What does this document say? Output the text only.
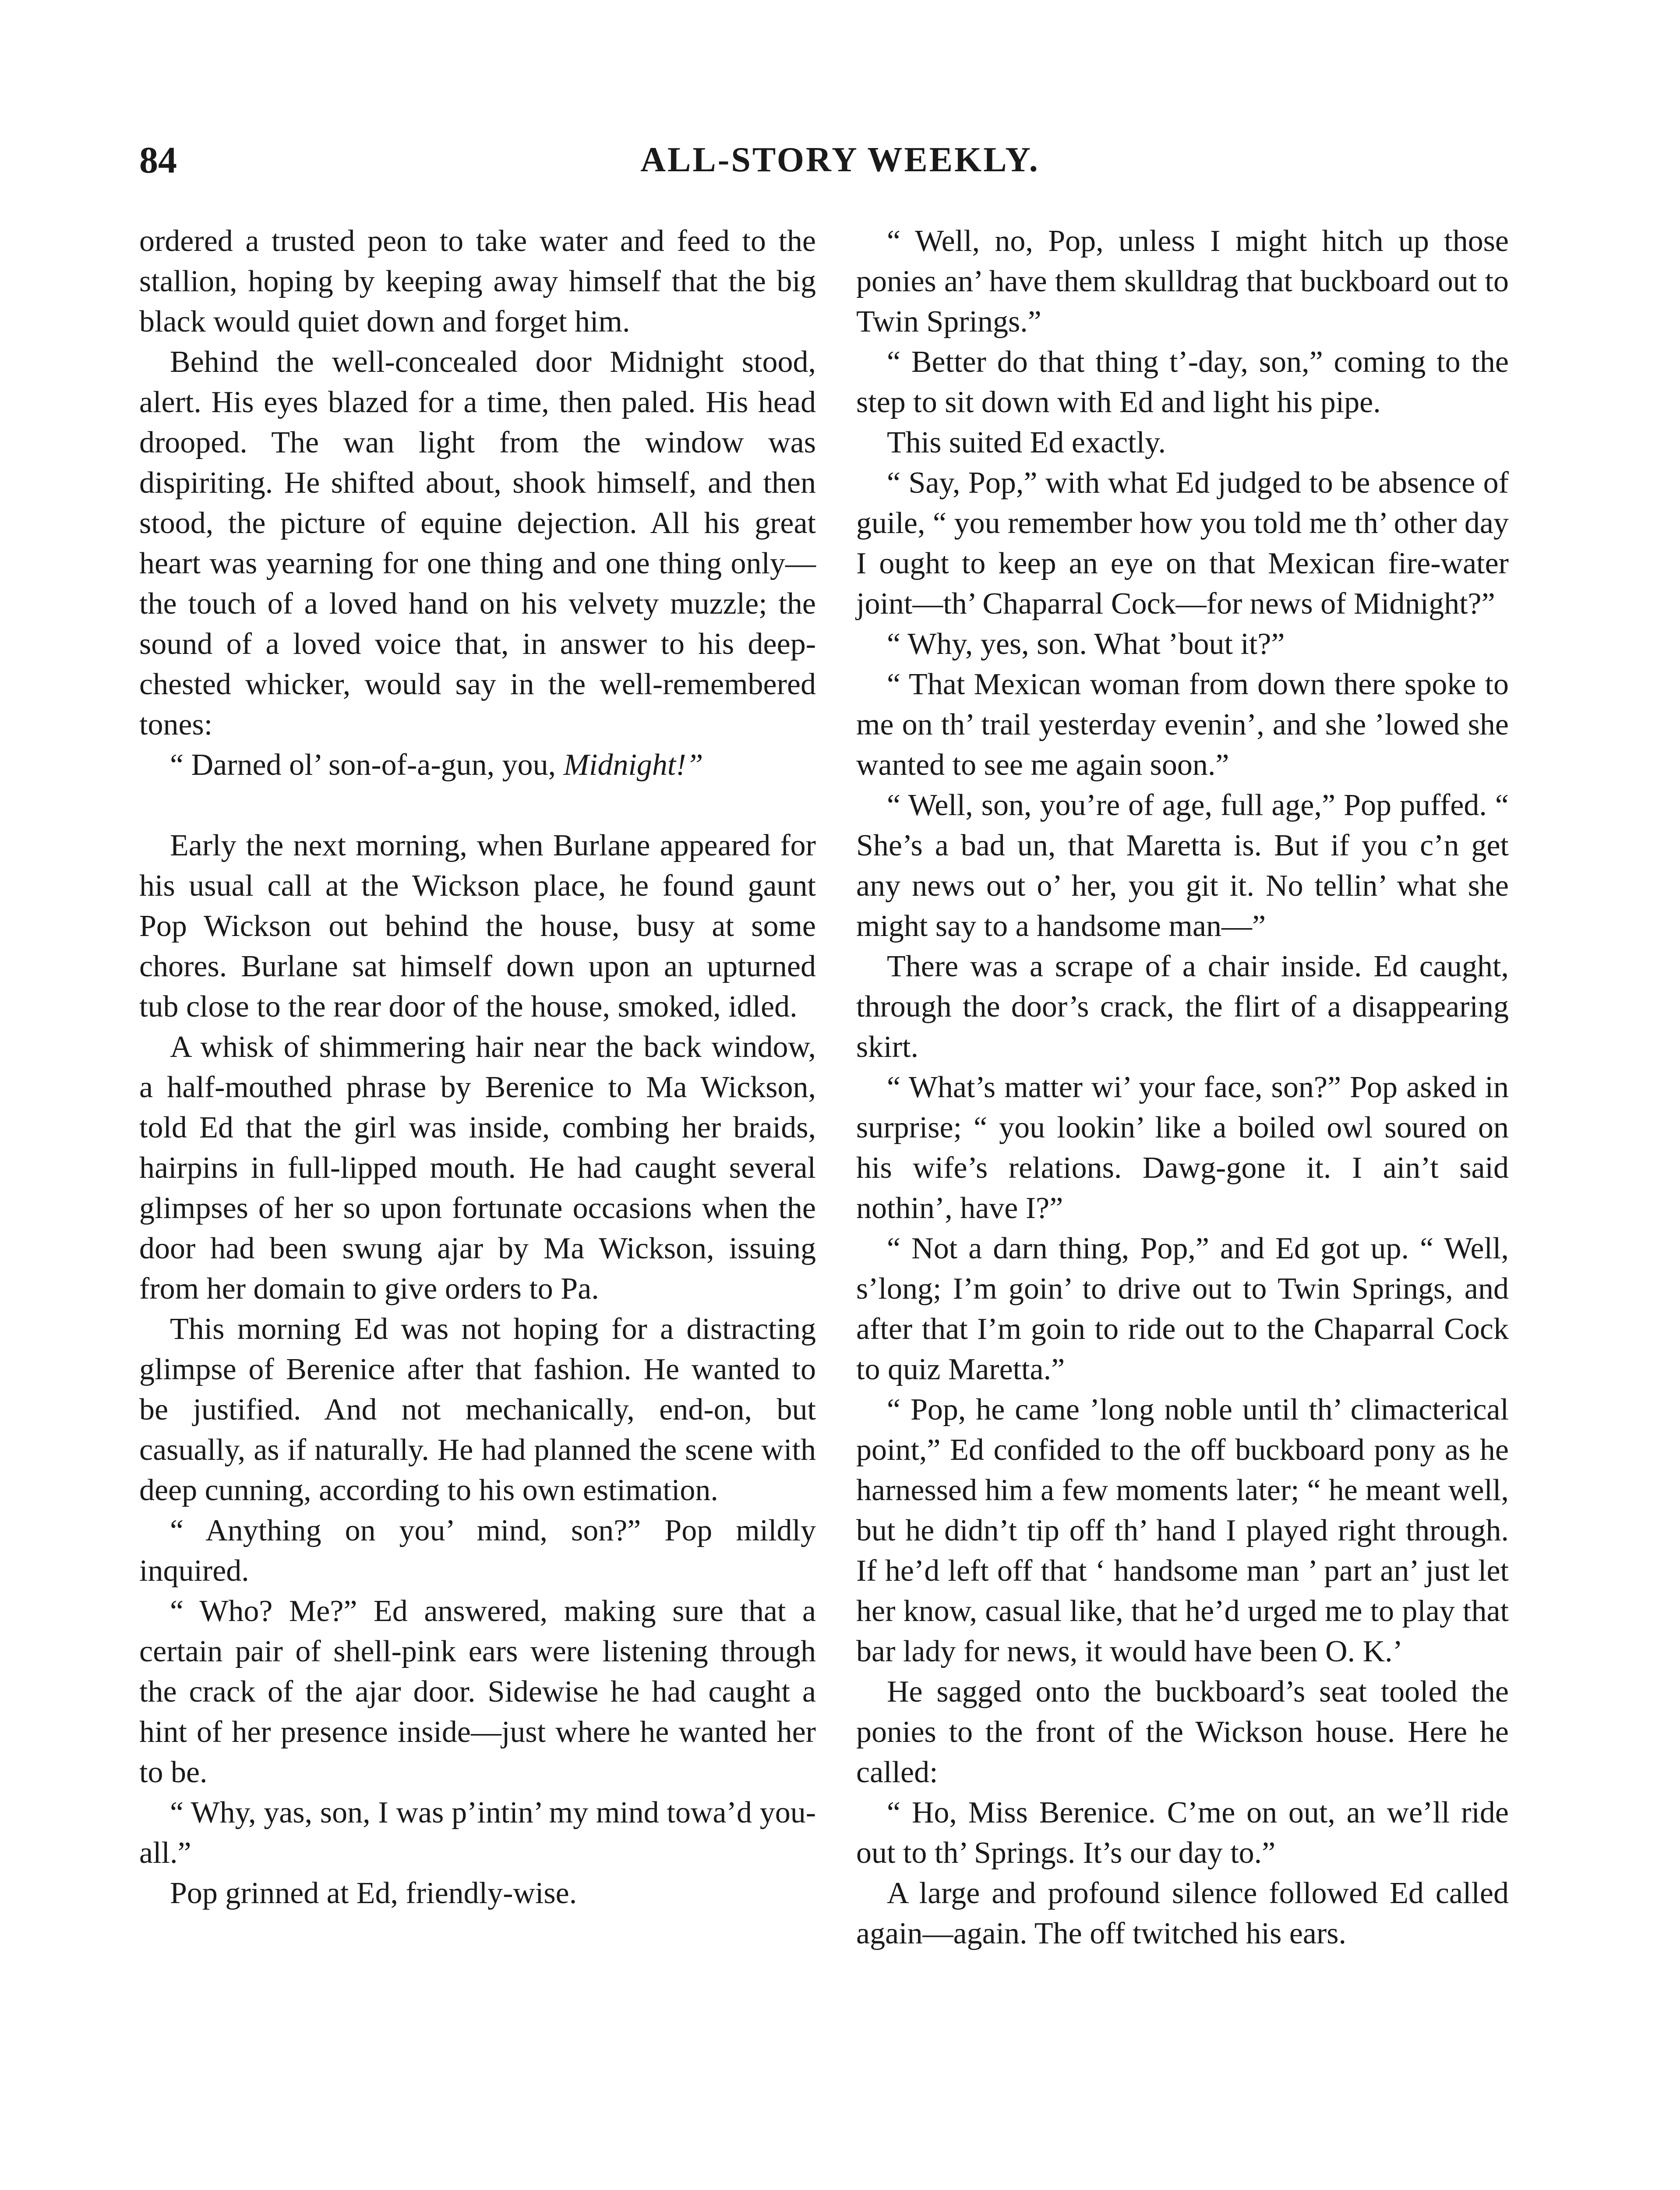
84	ALL-STORY WEEKLY.

ordered a trusted peon to take water and feed to the stallion, hoping by keeping away himself that the big black would quiet down and forget him.

Behind the well-concealed door Midnight stood, alert. His eyes blazed for a time, then paled. His head drooped. The wan light from the window was dispiriting. He shifted about, shook himself, and then stood, the picture of equine dejection. All his great heart was yearning for one thing and one thing only—the touch of a loved hand on his velvety muzzle; the sound of a loved voice that, in answer to his deep-chested whicker, would say in the well-remembered tones:

“ Darned ol’ son-of-a-gun, you, Midnight!”

Early the next morning, when Burlane appeared for his usual call at the Wickson place, he found gaunt Pop Wickson out behind the house, busy at some chores. Burlane sat himself down upon an upturned tub close to the rear door of the house, smoked, idled.

A whisk of shimmering hair near the back window, a half-mouthed phrase by Berenice to Ma Wickson, told Ed that the girl was inside, combing her braids, hairpins in full-lipped mouth. He had caught several glimpses of her so upon fortunate occasions when the door had been swung ajar by Ma Wickson, issuing from her domain to give orders to Pa.

This morning Ed was not hoping for a distracting glimpse of Berenice after that fashion. He wanted to be justified. And not mechanically, end-on, but casually, as if naturally. He had planned the scene with deep cunning, according to his own estimation.

“ Anything on you’ mind, son?” Pop mildly inquired.

“ Who? Me?” Ed answered, making sure that a certain pair of shell-pink ears were listening through the crack of the ajar door. Sidewise he had caught a hint of her presence inside—just where he wanted her to be.

“ Why, yas, son, I was p’intin’ my mind towa’d you-all.”

Pop grinned at Ed, friendly-wise.

“ Well, no, Pop, unless I might hitch up those ponies an’ have them skulldrag that buckboard out to Twin Springs.”

“ Better do that thing t’-day, son,” coming to the step to sit down with Ed and light his pipe.

This suited Ed exactly.

“ Say, Pop,” with what Ed judged to be absence of guile, “ you remember how you told me th’ other day I ought to keep an eye on that Mexican fire-water joint—th’ Chaparral Cock—for news of Midnight?”

“ Why, yes, son. What ’bout it?”

“ That Mexican woman from down there spoke to me on th’ trail yesterday evenin’, and she ’lowed she wanted to see me again soon.”

“ Well, son, you’re of age, full age,” Pop puffed. “ She’s a bad un, that Maretta is. But if you c’n get any news out o’ her, you git it. No tellin’ what she might say to a handsome man—”

There was a scrape of a chair inside. Ed caught, through the door’s crack, the flirt of a disappearing skirt.

“ What’s matter wi’ your face, son?” Pop asked in surprise; “ you lookin’ like a boiled owl soured on his wife’s relations. Dawg-gone it. I ain’t said nothin’, have I?”

“ Not a darn thing, Pop,” and Ed got up. “ Well, s’long; I’m goin’ to drive out to Twin Springs, and after that I’m goin to ride out to the Chaparral Cock to quiz Maretta.”

“ Pop, he came ’long noble until th’ climacterical point,” Ed confided to the off buckboard pony as he harnessed him a few moments later; “ he meant well, but he didn’t tip off th’ hand I played right through. If he’d left off that ‘ handsome man ’ part an’ just let her know, casual like, that he’d urged me to play that bar lady for news, it would have been O. K.’

He sagged onto the buckboard’s seat tooled the ponies to the front of the Wickson house. Here he called:

“ Ho, Miss Berenice. C’me on out, an we’ll ride out to th’ Springs. It’s our day to.”

A large and profound silence followed Ed called again—again. The off twitched his ears.
